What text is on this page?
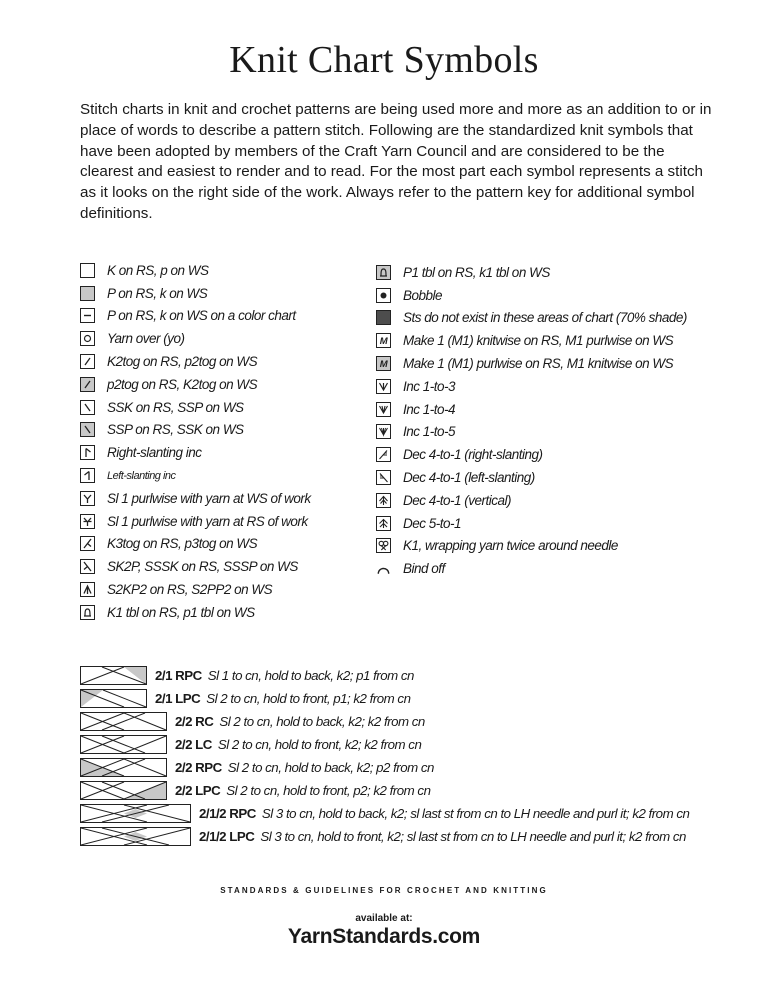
Knit Chart Symbols

Stitch charts in knit and crochet patterns are being used more and more as an addition to or in place of words to describe a pattern stitch. Following are the standardized knit symbols that have been adopted by members of the Craft Yarn Council and are considered to be the clearest and easiest to render and to read. For the most part each symbol represents a stitch as it looks on the right side of the work. Always refer to the pattern key for additional symbol definitions.

K on RS, p on WS
P on RS, k on WS
P on RS, k on WS on a color chart
Yarn over (yo)
K2tog on RS, p2tog on WS
p2tog on RS, K2tog on WS
SSK on RS, SSP on WS
SSP on RS, SSK on WS
Right-slanting inc
Left-slanting inc
Sl 1 purlwise with yarn at WS of work
Sl 1 purlwise with yarn at RS of work
K3tog on RS, p3tog on WS
SK2P, SSSK on RS, SSSP on WS
S2KP2 on RS, S2PP2 on WS
K1 tbl on RS, p1 tbl on WS
P1 tbl on RS, k1 tbl on WS
Bobble
Sts do not exist in these areas of chart (70% shade)
M Make 1 (M1) knitwise on RS, M1 purlwise on WS
M Make 1 (M1) purlwise on RS, M1 knitwise on WS
Inc 1-to-3
Inc 1-to-4
Inc 1-to-5
Dec 4-to-1 (right-slanting)
Dec 4-to-1 (left-slanting)
Dec 4-to-1 (vertical)
Dec 5-to-1
K1, wrapping yarn twice around needle
Bind off
2/1 RPC Sl 1 to cn, hold to back, k2; p1 from cn
2/1 LPC Sl 2 to cn, hold to front, p1; k2 from cn
2/2 RC Sl 2 to cn, hold to back, k2; k2 from cn
2/2 LC Sl 2 to cn, hold to front, k2; k2 from cn
2/2 RPC Sl 2 to cn, hold to back, k2; p2 from cn
2/2 LPC Sl 2 to cn, hold to front, p2; k2 from cn
2/1/2 RPC Sl 3 to cn, hold to back, k2; sl last st from cn to LH needle and purl it; k2 from cn
2/1/2 LPC Sl 3 to cn, hold to front, k2; sl last st from cn to LH needle and purl it; k2 from cn
STANDARDS & GUIDELINES FOR CROCHET AND KNITTING
available at:
YarnStandards.com
